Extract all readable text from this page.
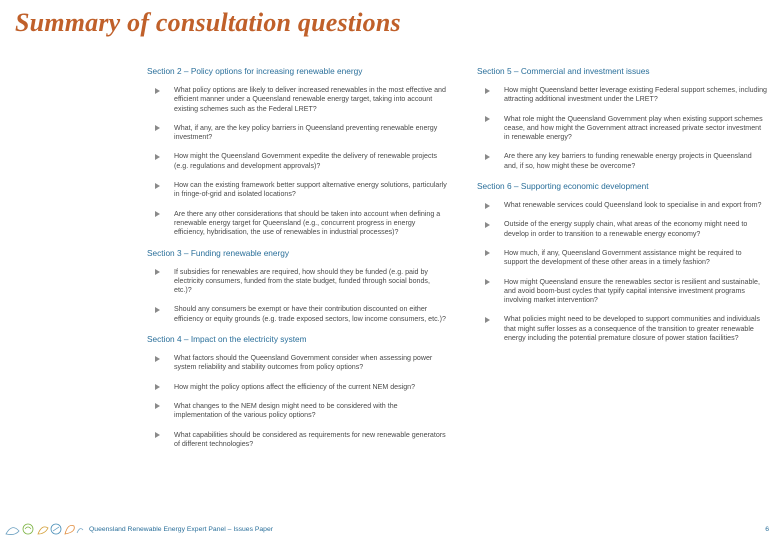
Summary of consultation questions
Section 2 – Policy options for increasing renewable energy
What policy options are likely to deliver increased renewables in the most effective and efficient manner under a Queensland renewable energy target, taking into account existing schemes such as the Federal LRET?
What, if any, are the key policy barriers in Queensland preventing renewable energy investment?
How might the Queensland Government expedite the delivery of renewable projects (e.g. regulations and development approvals)?
How can the existing framework better support alternative energy solutions, particularly in fringe-of-grid and isolated locations?
Are there any other considerations that should be taken into account when defining a renewable energy target for Queensland (e.g., concurrent progress in energy efficiency, hybridisation, the use of renewables in industrial processes)?
Section 3 – Funding renewable energy
If subsidies for renewables are required, how should they be funded (e.g. paid by electricity consumers, funded from the state budget, funded through social bonds, etc.)?
Should any consumers be exempt or have their contribution discounted on either efficiency or equity grounds (e.g. trade exposed sectors, low income consumers, etc.)?
Section 4 – Impact on the electricity system
What factors should the Queensland Government consider when assessing power system reliability and stability outcomes from policy options?
How might the policy options affect the efficiency of the current NEM design?
What changes to the NEM design might need to be considered with the implementation of the various policy options?
What capabilities should be considered as requirements for new renewable generators of different technologies?
Section 5 – Commercial and investment issues
How might Queensland better leverage existing Federal support schemes, including attracting additional investment under the LRET?
What role might the Queensland Government play when existing support schemes cease, and how might the Government attract increased private sector investment in renewable energy?
Are there any key barriers to funding renewable energy projects in Queensland and, if so, how might these be overcome?
Section 6 – Supporting economic development
What renewable services could Queensland look to specialise in and export from?
Outside of the energy supply chain, what areas of the economy might need to develop in order to transition to a renewable energy economy?
How much, if any, Queensland Government assistance might be required to support the development of these other areas in a timely fashion?
How might Queensland ensure the renewables sector is resilient and sustainable, and avoid boom-bust cycles that typify capital intensive investment programs involving market intervention?
What policies might need to be developed to support communities and individuals that might suffer losses as a consequence of the transition to greater renewable energy including the potential premature closure of power station facilities?
Queensland Renewable Energy Expert Panel – Issues Paper	6
